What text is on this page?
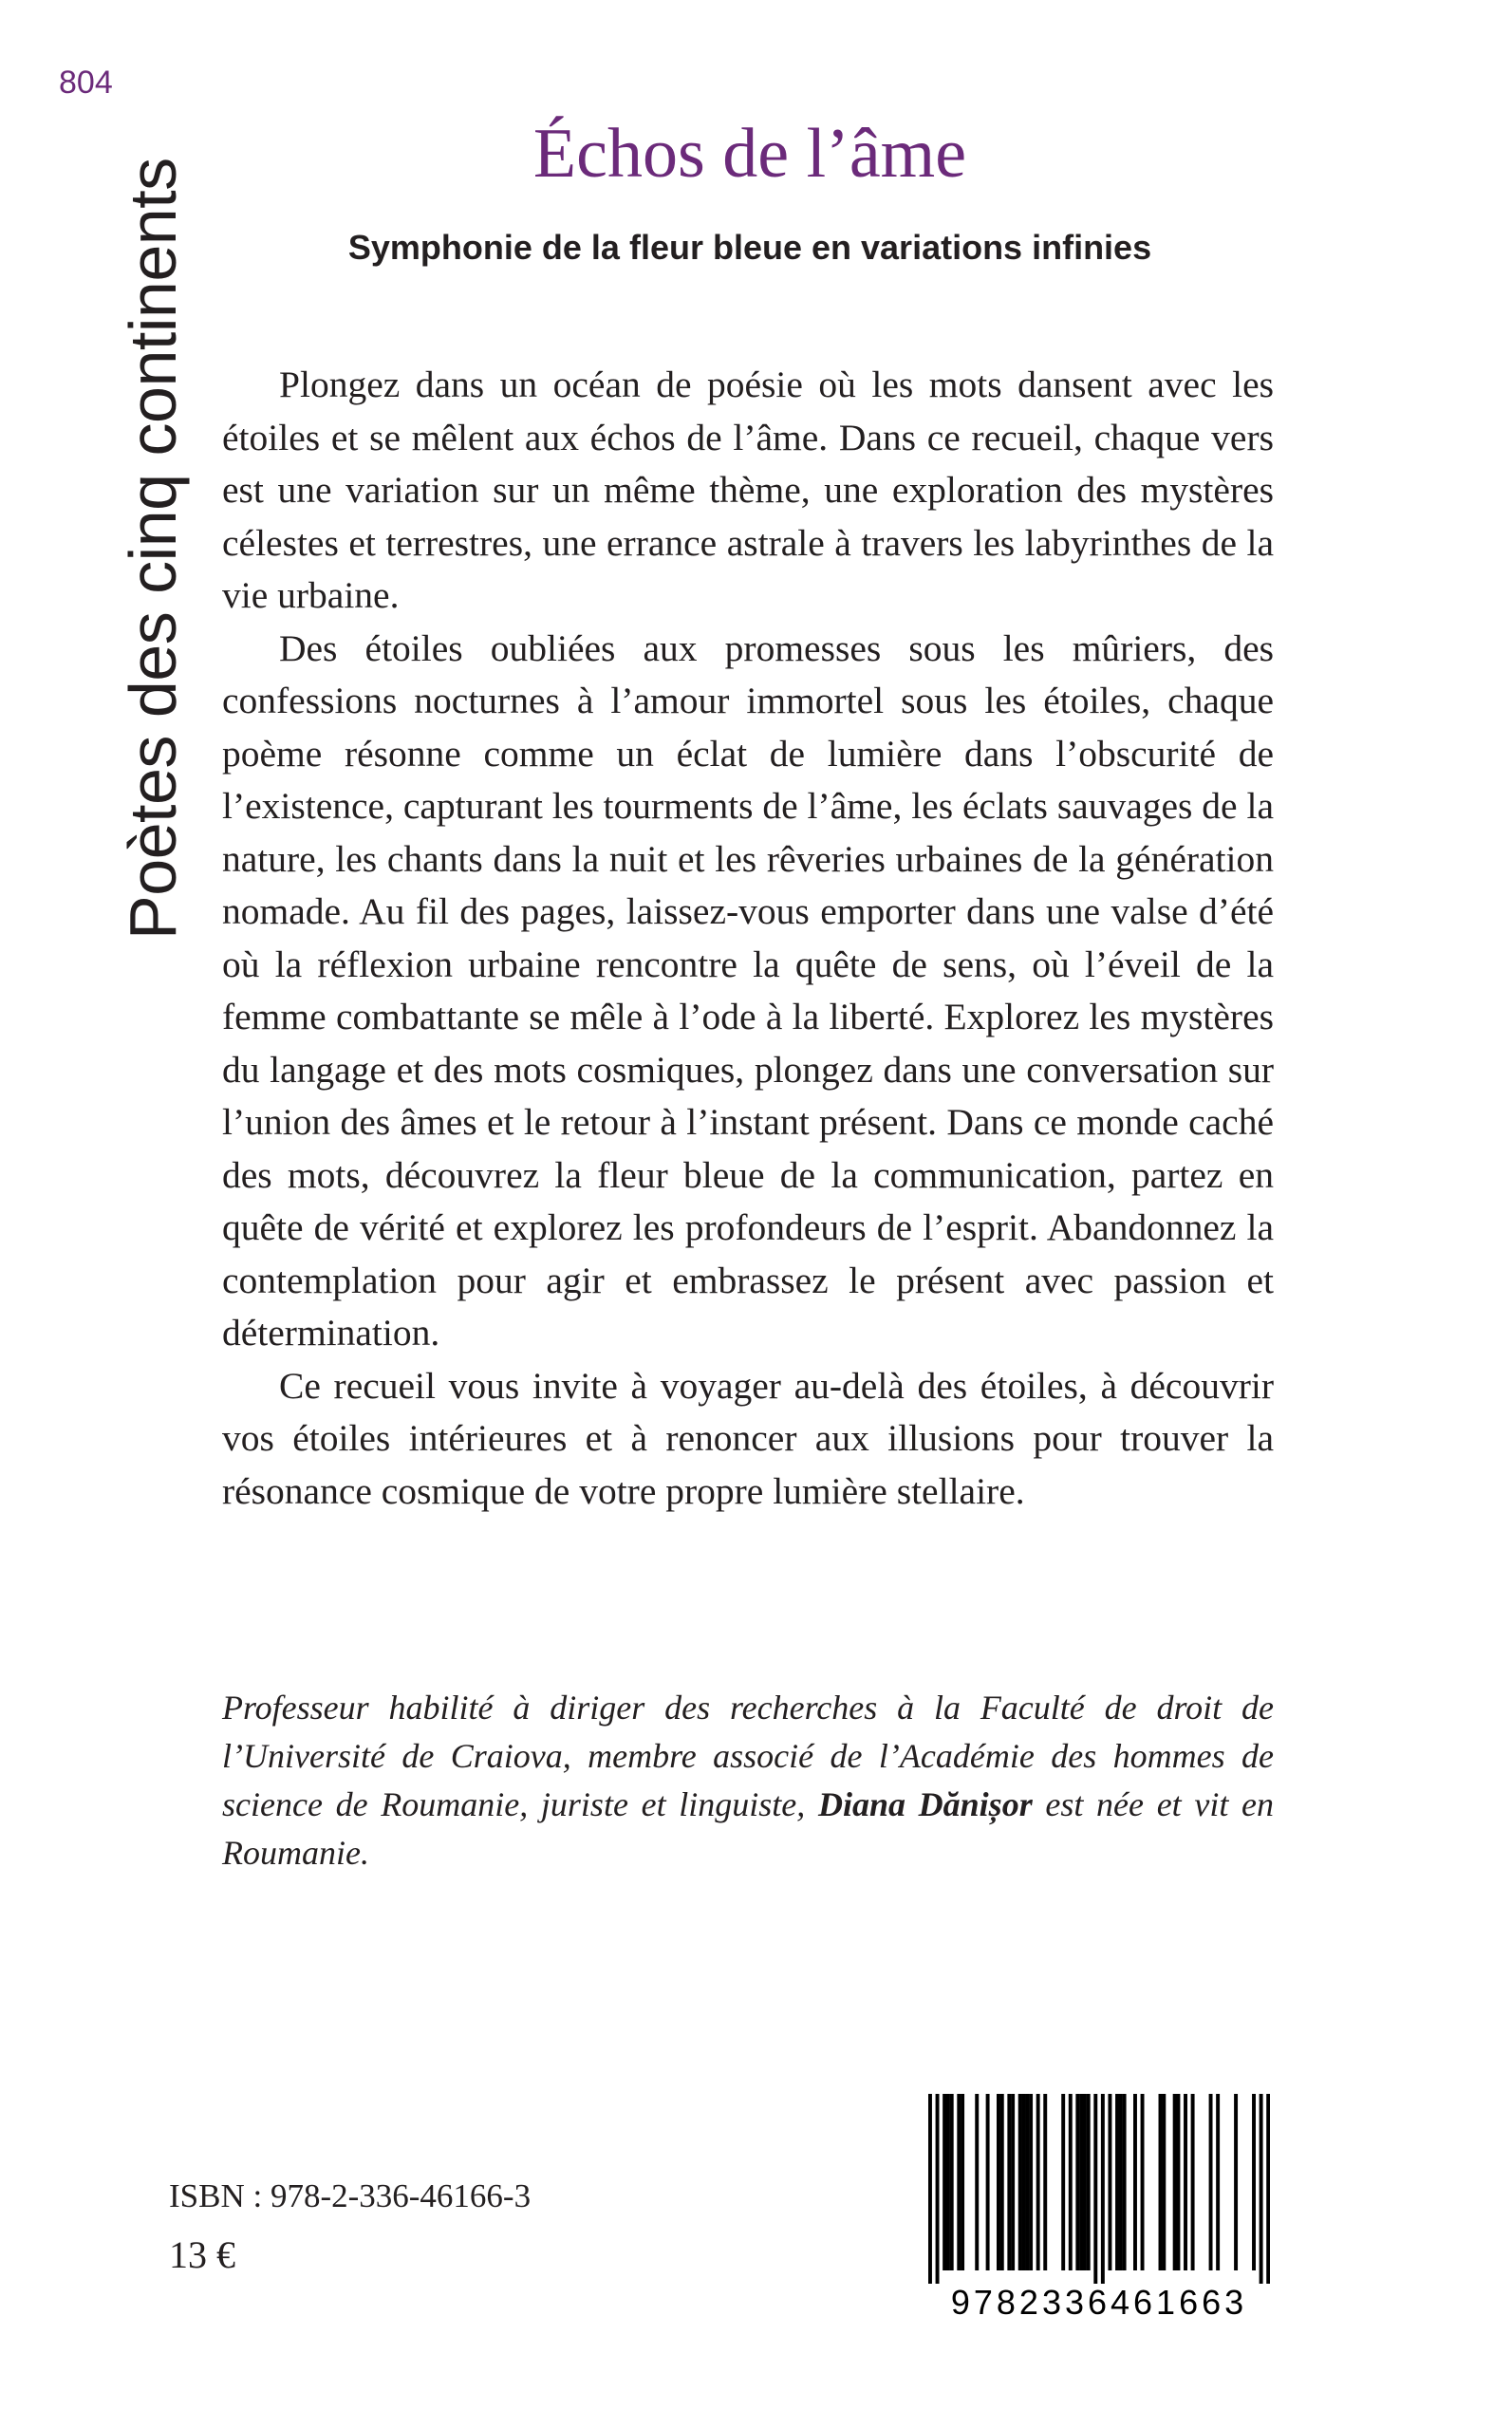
804
Poètes des cinq continents
Échos de l’âme
Symphonie de la fleur bleue en variations infinies

Plongez dans un océan de poésie où les mots dansent avec les étoiles et se mêlent aux échos de l’âme. Dans ce recueil, chaque vers est une variation sur un même thème, une exploration des mystères célestes et terrestres, une errance astrale à travers les labyrinthes de la vie urbaine.

Des étoiles oubliées aux promesses sous les mûriers, des confessions nocturnes à l’amour immortel sous les étoiles, chaque poème résonne comme un éclat de lumière dans l’obscurité de l’existence, capturant les tourments de l’âme, les éclats sauvages de la nature, les chants dans la nuit et les rêveries urbaines de la génération nomade. Au fil des pages, laissez-vous emporter dans une valse d’été où la réflexion urbaine rencontre la quête de sens, où l’éveil de la femme combattante se mêle à l’ode à la liberté. Explorez les mystères du langage et des mots cosmiques, plongez dans une conversation sur l’union des âmes et le retour à l’instant présent. Dans ce monde caché des mots, découvrez la fleur bleue de la communication, partez en quête de vérité et explorez les profondeurs de l’esprit. Abandonnez la contemplation pour agir et embrassez le présent avec passion et détermination.

Ce recueil vous invite à voyager au-delà des étoiles, à découvrir vos étoiles intérieures et à renoncer aux illusions pour trouver la résonance cosmique de votre propre lumière stellaire.

Professeur habilité à diriger des recherches à la Faculté de droit de l’Université de Craiova, membre associé de l’Académie des hommes de science de Roumanie, juriste et linguiste, Diana Dănișor est née et vit en Roumanie.

ISBN : 978-2-336-46166-3
13 €
9782336461663
